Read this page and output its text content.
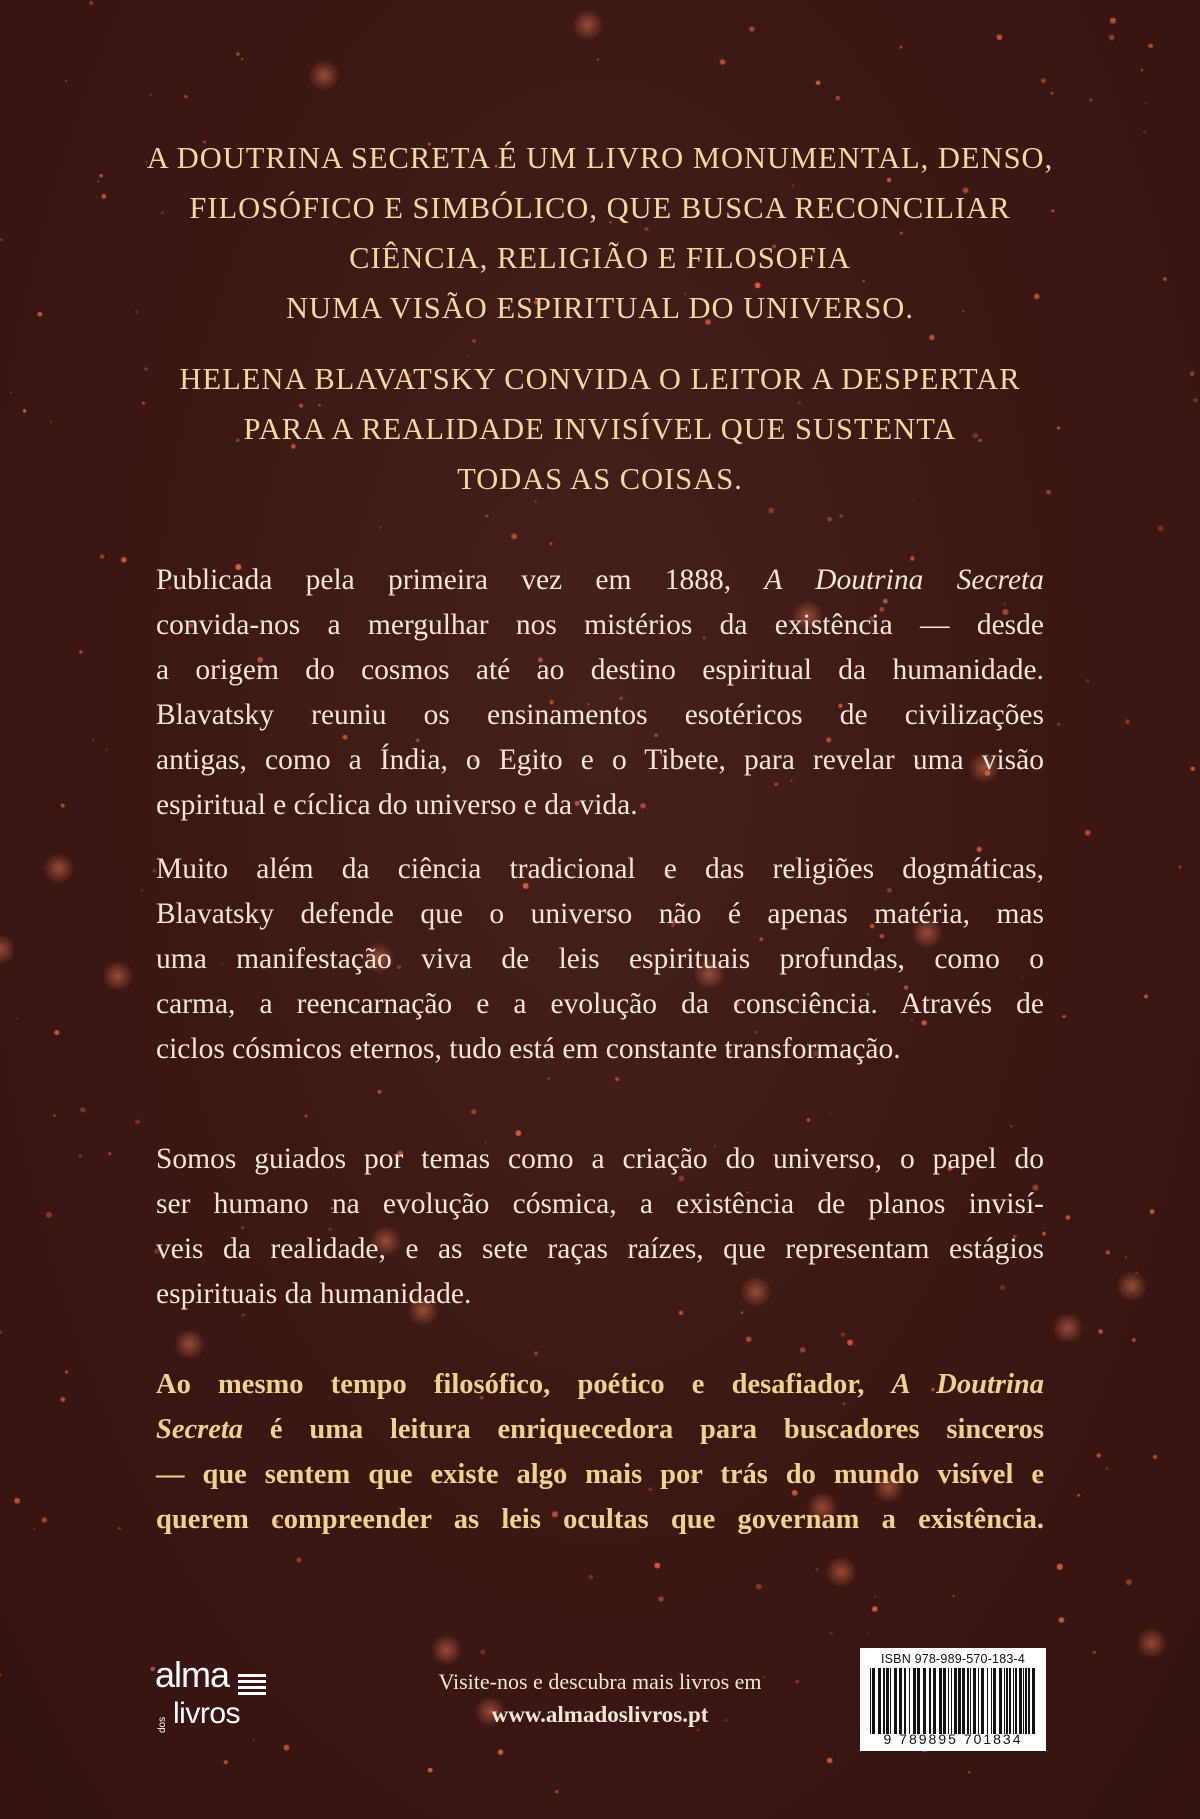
A DOUTRINA SECRETA É UM LIVRO MONUMENTAL, DENSO,
FILOSÓFICO E SIMBÓLICO, QUE BUSCA RECONCILIAR
CIÊNCIA, RELIGIÃO E FILOSOFIA
NUMA VISÃO ESPIRITUAL DO UNIVERSO.

HELENA BLAVATSKY CONVIDA O LEITOR A DESPERTAR
PARA A REALIDADE INVISÍVEL QUE SUSTENTA
TODAS AS COISAS.

Publicada pela primeira vez em 1888, A Doutrina Secreta
convida-nos a mergulhar nos mistérios da existência — desde
a origem do cosmos até ao destino espiritual da humanidade.
Blavatsky reuniu os ensinamentos esotéricos de civilizações
antigas, como a Índia, o Egito e o Tibete, para revelar uma visão
espiritual e cíclica do universo e da vida.

Muito além da ciência tradicional e das religiões dogmáticas,
Blavatsky defende que o universo não é apenas matéria, mas
uma manifestação viva de leis espirituais profundas, como o
carma, a reencarnação e a evolução da consciência. Através de
ciclos cósmicos eternos, tudo está em constante transformação.

Somos guiados por temas como a criação do universo, o papel do
ser humano na evolução cósmica, a existência de planos invisí-
veis da realidade, e as sete raças raízes, que representam estágios
espirituais da humanidade.

Ao mesmo tempo filosófico, poético e desafiador, A Doutrina
Secreta é uma leitura enriquecedora para buscadores sinceros
— que sentem que existe algo mais por trás do mundo visível e
querem compreender as leis ocultas que governam a existência.

alma
dos livros
Visite-nos e descubra mais livros em
www.almadoslivros.pt
ISBN 978-989-570-183-4
9 789895 701834
